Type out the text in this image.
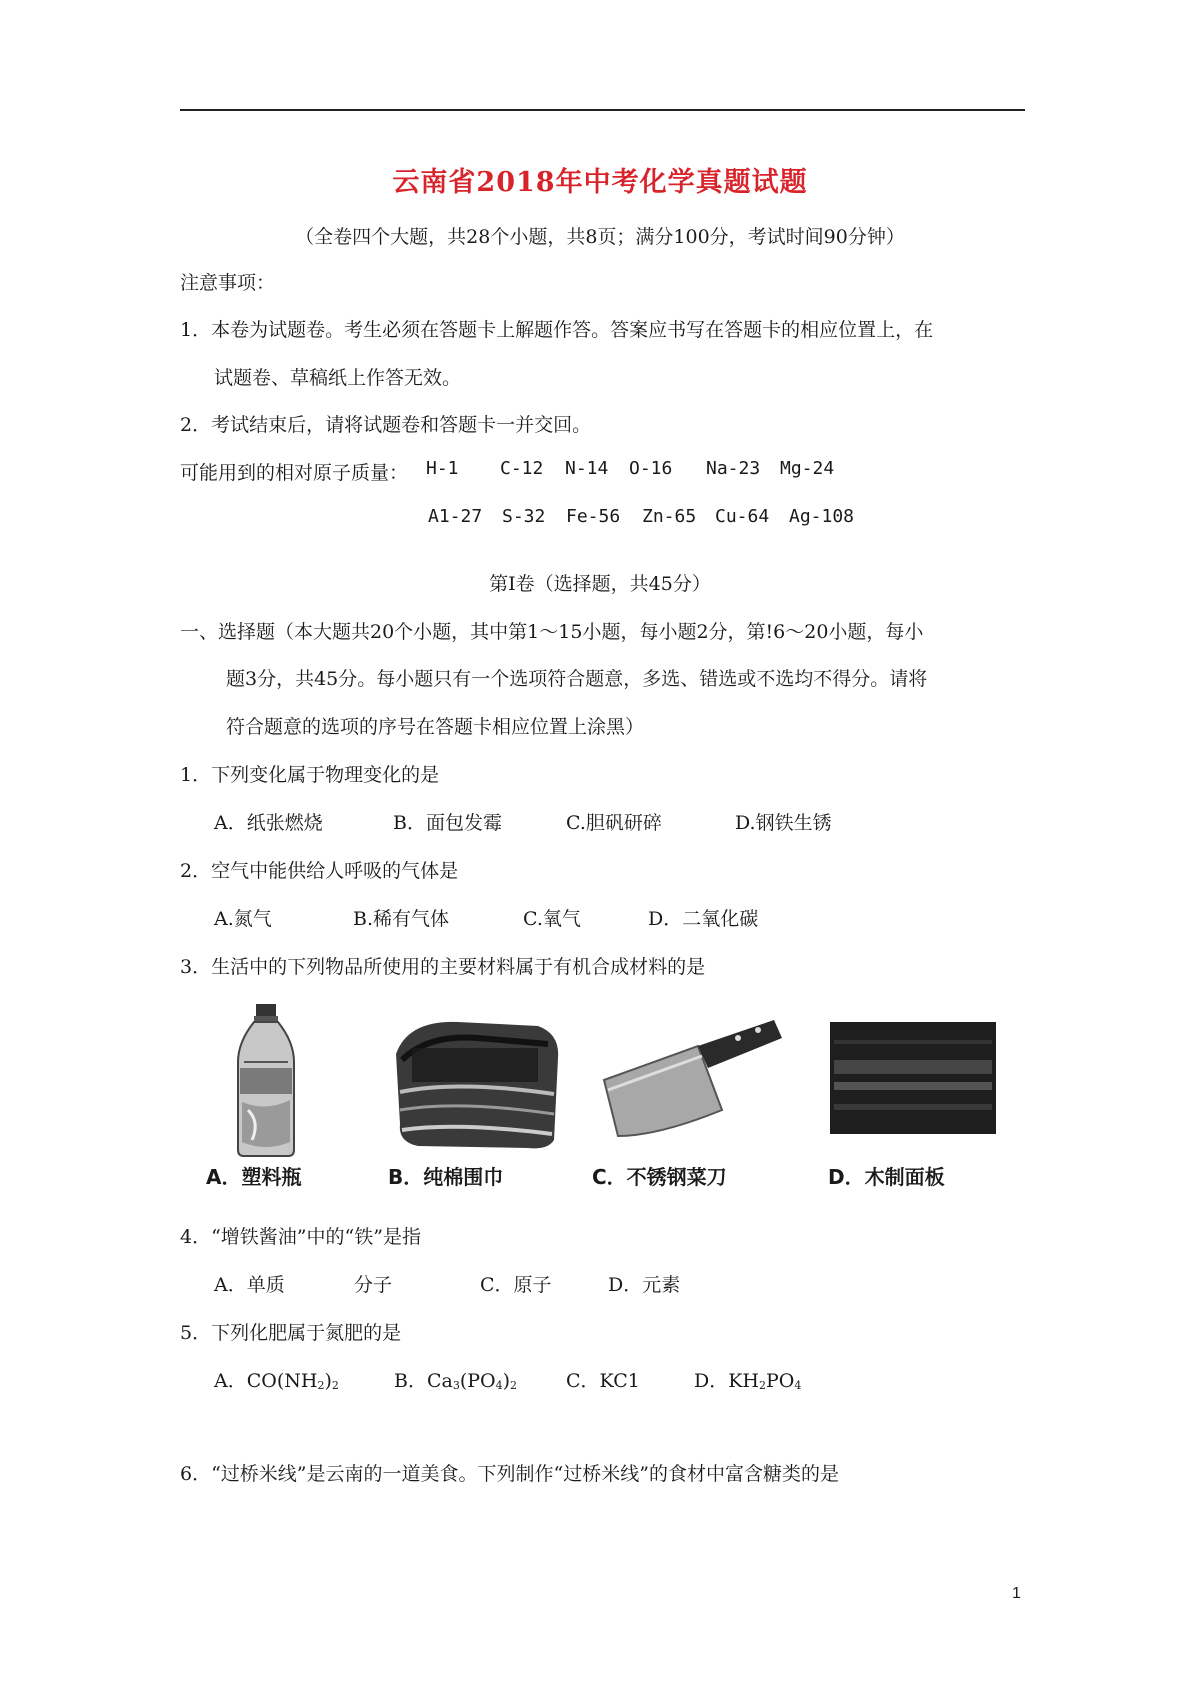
云南省2018年中考化学真题试题
（全卷四个大题，共28个小题，共8页；满分100分，考试时间90分钟）
注意事项：
1．本卷为试题卷。考生必须在答题卡上解题作答。答案应书写在答题卡的相应位置上，在
试题卷、草稿纸上作答无效。
2．考试结束后，请将试题卷和答题卡一并交回。
可能用到的相对原子质量： H-1 C-12 N-14 O-16 Na-23 Mg-24
A1-27 S-32 Fe-56 Zn-65 Cu-64 Ag-108
第Ⅰ卷（选择题，共45分）
一、选择题（本大题共20个小题，其中第1～15小题，每小题2分，第!6～20小题，每小
题3分，共45分。每小题只有一个选项符合题意，多选、错选或不选均不得分。请将
符合题意的选项的序号在答题卡相应位置上涂黑）
1．下列变化属于物理变化的是
A．纸张燃烧	B．面包发霉	C.胆矾研碎	D.钢铁生锈
2．空气中能供给人呼吸的气体是
A.氮气	B.稀有气体	C.氧气	D．二氧化碳
3．生活中的下列物品所使用的主要材料属于有机合成材料的是
A．塑料瓶	B．纯棉围巾	C．不锈钢菜刀	D．木制面板
4．“增铁酱油”中的“铁”是指
A．单质	分子	C．原子	D．元素
5．下列化肥属于氮肥的是
A．$CO(NH_2)_2$	B．$Ca_3(PO_4)_2$	C．KC1	D．$KH_2PO_4$
6．“过桥米线”是云南的一道美食。下列制作“过桥米线”的食材中富含糖类的是
1
